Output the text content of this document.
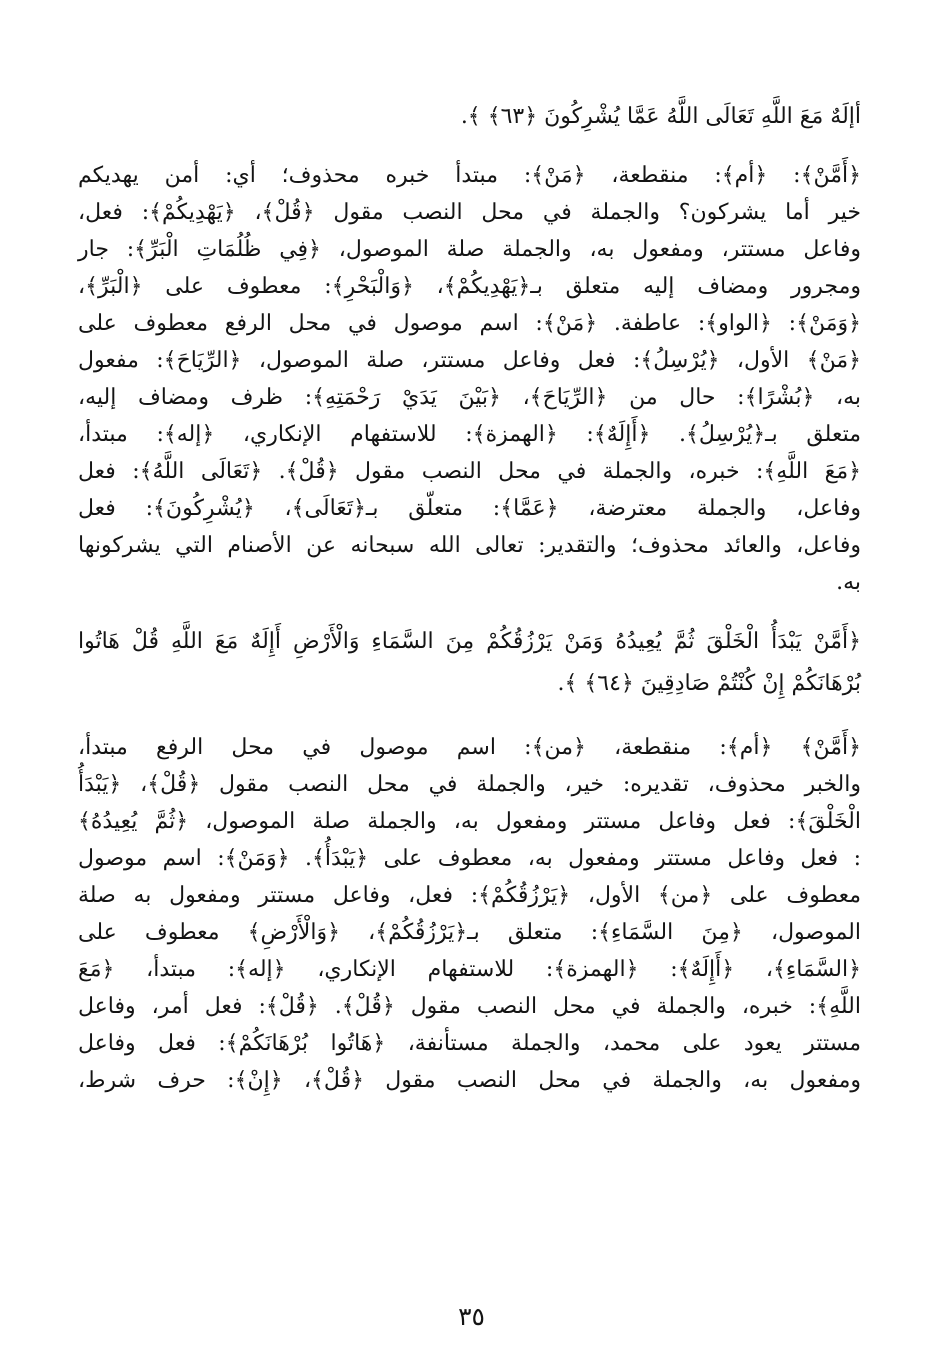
أإلَهٌ مَعَ اللَّهِ تَعَالَى اللَّهُ عَمَّا يُشْرِكُونَ ﴿٦٣﴾ ﴾.

﴿أَمَّنْ﴾: ﴿أم﴾: منقطعة، ﴿مَنْ﴾: مبتدأ خبره محذوف؛ أي: أمن يهديكم

خير أما يشركون؟ والجملة في محل النصب مقول ﴿قُلْ﴾، ﴿يَهْدِيكُمْ﴾: فعل،

وفاعل مستتر، ومفعول به، والجملة صلة الموصول، ﴿فِي ظُلُمَاتِ الْبَرِّ﴾: جار

ومجرور ومضاف إليه متعلق بـ﴿يَهْدِيكُمْ﴾، ﴿وَالْبَحْرِ﴾: معطوف على ﴿الْبَرِّ﴾،

﴿وَمَنْ﴾: ﴿الواو﴾: عاطفة. ﴿مَنْ﴾: اسم موصول في محل الرفع معطوف على

﴿مَنْ﴾ الأول، ﴿يُرْسِلُ﴾: فعل وفاعل مستتر، صلة الموصول، ﴿الرِّيَاحَ﴾: مفعول

به، ﴿بُشْرًا﴾: حال من ﴿الرِّيَاحَ﴾، ﴿بَيْنَ يَدَيْ رَحْمَتِهِ﴾: ظرف ومضاف إليه،

متعلق بـ﴿يُرْسِلُ﴾. ﴿أَإِلَهٌ﴾: ﴿الهمزة﴾: للاستفهام الإنكاري، ﴿إله﴾: مبتدأ،

﴿مَعَ اللَّهِ﴾: خبره، والجملة في محل النصب مقول ﴿قُلْ﴾. ﴿تَعَالَى اللَّهُ﴾: فعل

وفاعل، والجملة معترضة، ﴿عَمَّا﴾: متعلّق بـ﴿تَعَالَى﴾، ﴿يُشْرِكُونَ﴾: فعل

وفاعل، والعائد محذوف؛ والتقدير: تعالى الله سبحانه عن الأصنام التي يشركونها

به.

﴿أَمَّنْ يَبْدَأُ الْخَلْقَ ثُمَّ يُعِيدُهُ وَمَنْ يَرْزُقُكُمْ مِنَ السَّمَاءِ وَالْأَرْضِ أَإِلَهٌ مَعَ اللَّهِ قُلْ هَاتُوا

بُرْهَانَكُمْ إِنْ كُنْتُمْ صَادِقِينَ ﴿٦٤﴾ ﴾.

﴿أَمَّنْ﴾ ﴿أم﴾: منقطعة، ﴿من﴾: اسم موصول في محل الرفع مبتدأ،

والخبر محذوف، تقديره: خير، والجملة في محل النصب مقول ﴿قُلْ﴾، ﴿يَبْدَأُ

الْخَلْقَ﴾: فعل وفاعل مستتر ومفعول به، والجملة صلة الموصول، ﴿ثُمَّ يُعِيدُهُ﴾

: فعل وفاعل مستتر ومفعول به، معطوف على ﴿يَبْدَأُ﴾. ﴿وَمَنْ﴾: اسم موصول

معطوف على ﴿من﴾ الأول، ﴿يَرْزُقُكُمْ﴾: فعل، وفاعل مستتر ومفعول به صلة

الموصول، ﴿مِنَ السَّمَاءِ﴾: متعلق بـ﴿يَرْزُقُكُمْ﴾، ﴿وَالْأَرْضِ﴾ معطوف على

﴿السَّمَاءِ﴾، ﴿أَإِلَهٌ﴾: ﴿الهمزة﴾: للاستفهام الإنكاري، ﴿إله﴾: مبتدأ، ﴿مَعَ

اللَّهِ﴾: خبره، والجملة في محل النصب مقول ﴿قُلْ﴾. ﴿قُلْ﴾: فعل أمر، وفاعل

مستتر يعود على محمد، والجملة مستأنفة، ﴿هَاتُوا بُرْهَانَكُمْ﴾: فعل وفاعل

ومفعول به، والجملة في محل النصب مقول ﴿قُلْ﴾، ﴿إِنْ﴾: حرف شرط،

٣٥
